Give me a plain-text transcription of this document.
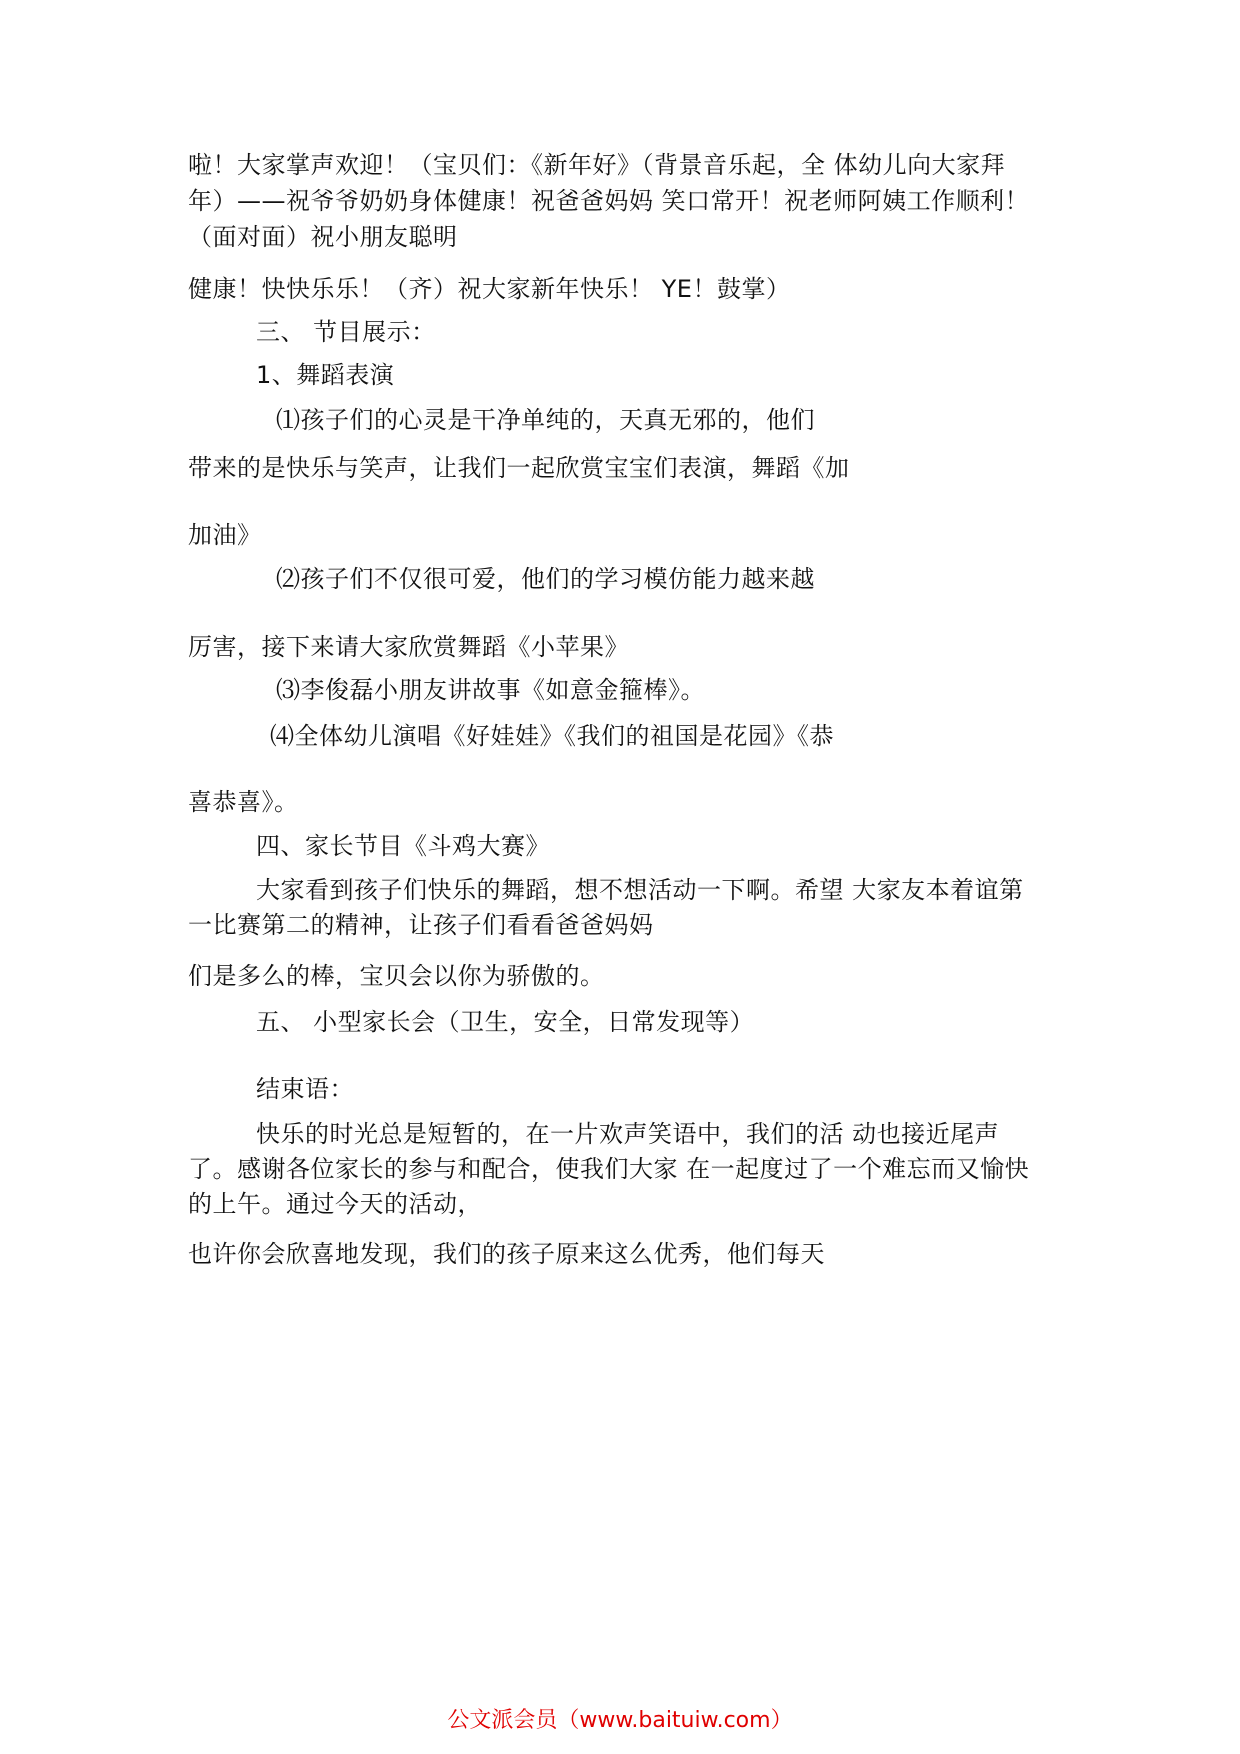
啦！大家掌声欢迎！（宝贝们：《新年好》（背景音乐起，全 体幼儿向大家拜
年）——祝爷爷奶奶身体健康！祝爸爸妈妈 笑口常开！祝老师阿姨工作顺利！
（面对面）祝小朋友聪明
健康！快快乐乐！（齐）祝大家新年快乐！ YE！鼓掌）
三、 节目展示：
1、舞蹈表演
⑴孩子们的心灵是干净单纯的，天真无邪的，他们
带来的是快乐与笑声，让我们一起欣赏宝宝们表演，舞蹈《加
加油》
⑵孩子们不仅很可爱，他们的学习模仿能力越来越
厉害，接下来请大家欣赏舞蹈《小苹果》
⑶李俊磊小朋友讲故事《如意金箍棒》。
⑷全体幼儿演唱《好娃娃》《我们的祖国是花园》《恭
喜恭喜》。
四、家长节目《斗鸡大赛》
大家看到孩子们快乐的舞蹈，想不想活动一下啊。希望 大家友本着谊第
一比赛第二的精神，让孩子们看看爸爸妈妈
们是多么的棒，宝贝会以你为骄傲的。
五、 小型家长会（卫生，安全，日常发现等）
结束语：
快乐的时光总是短暂的，在一片欢声笑语中，我们的活 动也接近尾声
了。感谢各位家长的参与和配合，使我们大家 在一起度过了一个难忘而又愉快
的上午。通过今天的活动，
也许你会欣喜地发现，我们的孩子原来这么优秀，他们每天
公文派会员（www.baituiw.com）
